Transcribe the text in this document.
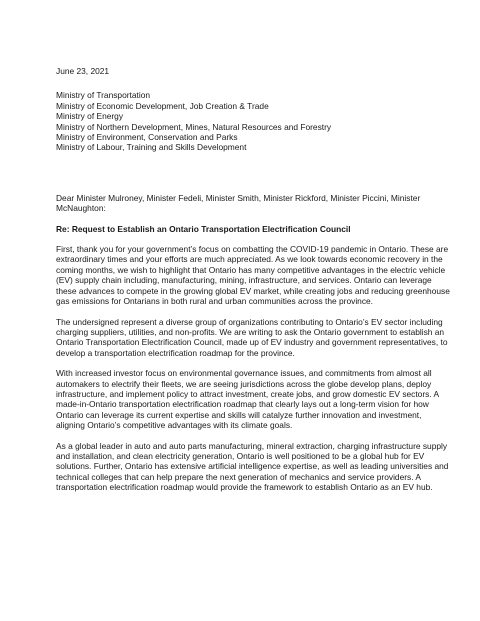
June 23, 2021
Ministry of Transportation
Ministry of Economic Development, Job Creation & Trade
Ministry of Energy
Ministry of Northern Development, Mines, Natural Resources and Forestry
Ministry of Environment, Conservation and Parks
Ministry of Labour, Training and Skills Development
Dear Minister Mulroney, Minister Fedeli, Minister Smith, Minister Rickford, Minister Piccini, Minister McNaughton:
Re: Request to Establish an Ontario Transportation Electrification Council

First, thank you for your government’s focus on combatting the COVID-19 pandemic in Ontario. These are extraordinary times and your efforts are much appreciated. As we look towards economic recovery in the coming months, we wish to highlight that Ontario has many competitive advantages in the electric vehicle (EV) supply chain including, manufacturing, mining, infrastructure, and services. Ontario can leverage these advances to compete in the growing global EV market, while creating jobs and reducing greenhouse gas emissions for Ontarians in both rural and urban communities across the province.

The undersigned represent a diverse group of organizations contributing to Ontario’s EV sector including charging suppliers, utilities, and non-profits. We are writing to ask the Ontario government to establish an Ontario Transportation Electrification Council, made up of EV industry and government representatives, to develop a transportation electrification roadmap for the province.

With increased investor focus on environmental governance issues, and commitments from almost all automakers to electrify their fleets, we are seeing jurisdictions across the globe develop plans, deploy infrastructure, and implement policy to attract investment, create jobs, and grow domestic EV sectors. A made-in-Ontario transportation electrification roadmap that clearly lays out a long-term vision for how Ontario can leverage its current expertise and skills will catalyze further innovation and investment, aligning Ontario’s competitive advantages with its climate goals.

As a global leader in auto and auto parts manufacturing, mineral extraction, charging infrastructure supply and installation, and clean electricity generation, Ontario is well positioned to be a global hub for EV solutions. Further, Ontario has extensive artificial intelligence expertise, as well as leading universities and technical colleges that can help prepare the next generation of mechanics and service providers. A transportation electrification roadmap would provide the framework to establish Ontario as an EV hub.
